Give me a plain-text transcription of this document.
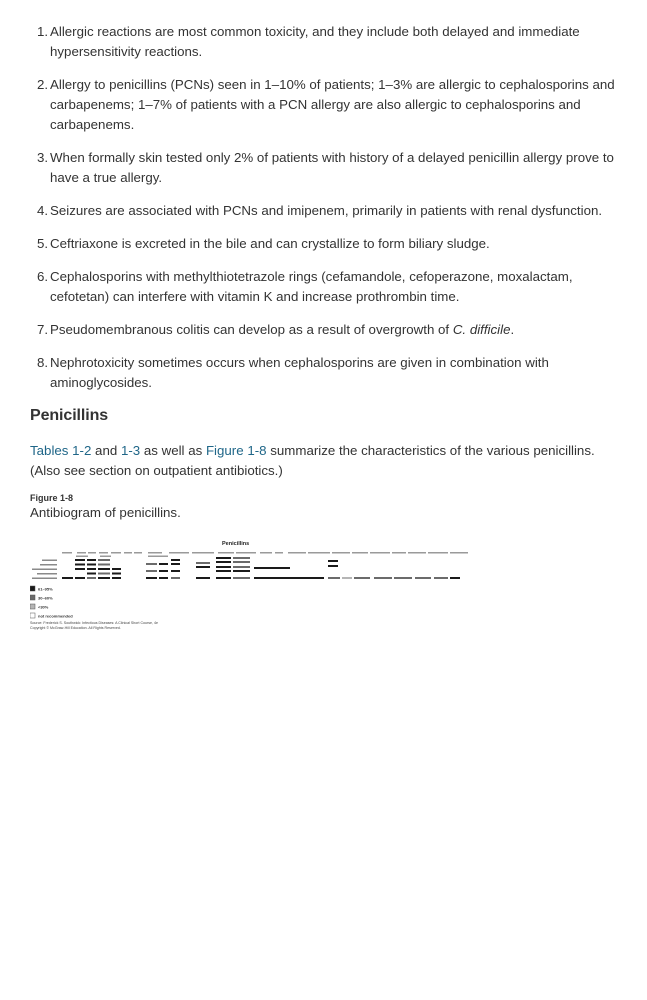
1. Allergic reactions are most common toxicity, and they include both delayed and immediate hypersensitivity reactions.
2. Allergy to penicillins (PCNs) seen in 1–10% of patients; 1–3% are allergic to cephalosporins and carbapenems; 1–7% of patients with a PCN allergy are also allergic to cephalosporins and carbapenems.
3. When formally skin tested only 2% of patients with history of a delayed penicillin allergy prove to have a true allergy.
4. Seizures are associated with PCNs and imipenem, primarily in patients with renal dysfunction.
5. Ceftriaxone is excreted in the bile and can crystallize to form biliary sludge.
6. Cephalosporins with methylthiotetrazole rings (cefamandole, cefoperazone, moxalactam, cefotetan) can interfere with vitamin K and increase prothrombin time.
7. Pseudomembranous colitis can develop as a result of overgrowth of C. difficile.
8. Nephrotoxicity sometimes occurs when cephalosporins are given in combination with aminoglycosides.
Penicillins

Tables 1-2 and 1-3 as well as Figure 1-8 summarize the characteristics of the various penicillins. (Also see section on outpatient antibiotics.)

Figure 1-8
Antibiogram of penicillins.
Penicillins
61–95%
30–60%
<30%
not recommended
Source: Frederick S. Southwick: Infectious Diseases: A Clinical Short Course, 4e
Copyright © McGraw-Hill Education. All Rights Reserved.
